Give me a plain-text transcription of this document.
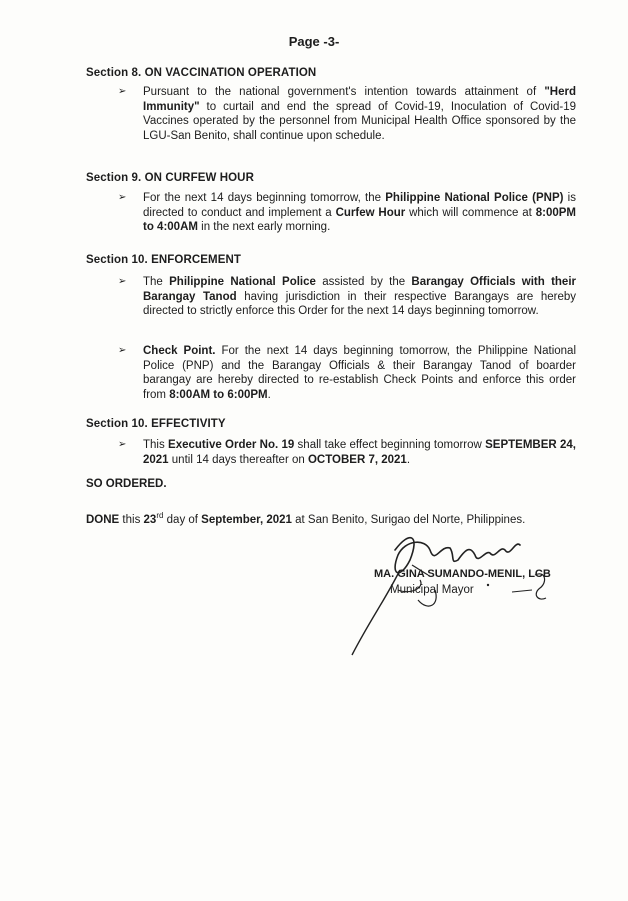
Page -3-
Section 8. ON VACCINATION OPERATION
➢	Pursuant to the national government's intention towards attainment of "Herd Immunity" to curtail and end the spread of Covid-19, Inoculation of Covid-19 Vaccines operated by the personnel from Municipal Health Office sponsored by the LGU-San Benito, shall continue upon schedule.
Section 9. ON CURFEW HOUR
➢	For the next 14 days beginning tomorrow, the Philippine National Police (PNP) is directed to conduct and implement a Curfew Hour which will commence at 8:00PM to 4:00AM in the next early morning.
Section 10. ENFORCEMENT
➢	The Philippine National Police assisted by the Barangay Officials with their Barangay Tanod having jurisdiction in their respective Barangays are hereby directed to strictly enforce this Order for the next 14 days beginning tomorrow.
➢	Check Point. For the next 14 days beginning tomorrow, the Philippine National Police (PNP) and the Barangay Officials & their Barangay Tanod of boarder barangay are hereby directed to re-establish Check Points and enforce this order from 8:00AM to 6:00PM.
Section 10. EFFECTIVITY
➢	This Executive Order No. 19 shall take effect beginning tomorrow SEPTEMBER 24, 2021 until 14 days thereafter on OCTOBER 7, 2021.
SO ORDERED.
DONE this 23rd day of September, 2021 at San Benito, Surigao del Norte, Philippines.
MA. GINA SUMANDO-MENIL, LCB
Municipal Mayor
